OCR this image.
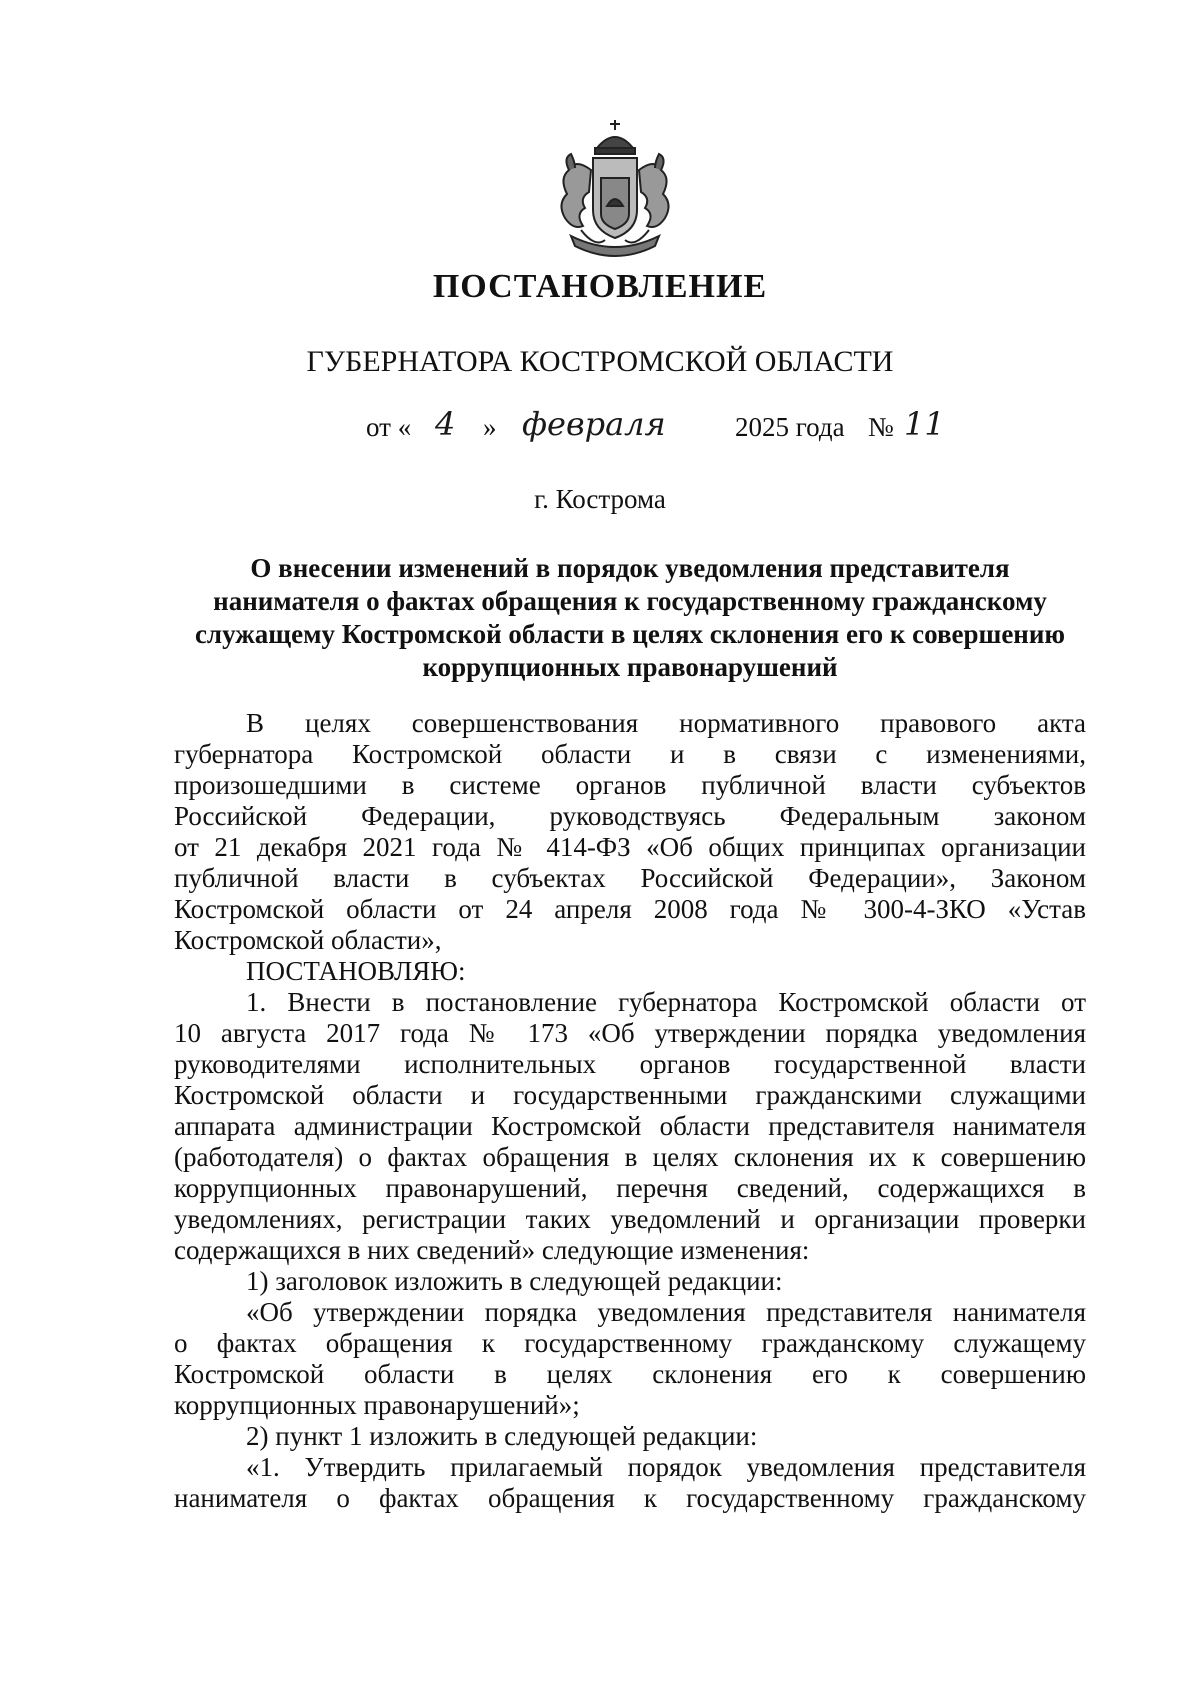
ПОСТАНОВЛЕНИЕ
ГУБЕРНАТОРА КОСТРОМСКОЙ ОБЛАСТИ
от « 4 » февраля	2025 года № 11
г. Кострома
О внесении изменений в порядок уведомления представителя
нанимателя о фактах обращения к государственному гражданскому
служащему Костромской области в целях склонения его к совершению
коррупционных правонарушений

В целях совершенствования нормативного правового акта

губернатора Костромской области и в связи с изменениями,

произошедшими в системе органов публичной власти субъектов

Российской Федерации, руководствуясь Федеральным законом

от 21 декабря 2021 года № 414-ФЗ «Об общих принципах организации

публичной власти в субъектах Российской Федерации», Законом

Костромской области от 24 апреля 2008 года № 300-4-ЗКО «Устав

Костромской области»,

ПОСТАНОВЛЯЮ:

1. Внести в постановление губернатора Костромской области от

10 августа 2017 года № 173 «Об утверждении порядка уведомления

руководителями исполнительных органов государственной власти

Костромской области и государственными гражданскими служащими

аппарата администрации Костромской области представителя нанимателя

(работодателя) о фактах обращения в целях склонения их к совершению

коррупционных правонарушений, перечня сведений, содержащихся в

уведомлениях, регистрации таких уведомлений и организации проверки

содержащихся в них сведений» следующие изменения:

1) заголовок изложить в следующей редакции:

«Об утверждении порядка уведомления представителя нанимателя

о фактах обращения к государственному гражданскому служащему

Костромской области в целях склонения его к совершению

коррупционных правонарушений»;

2) пункт 1 изложить в следующей редакции:

«1. Утвердить прилагаемый порядок уведомления представителя

нанимателя о фактах обращения к государственному гражданскому
